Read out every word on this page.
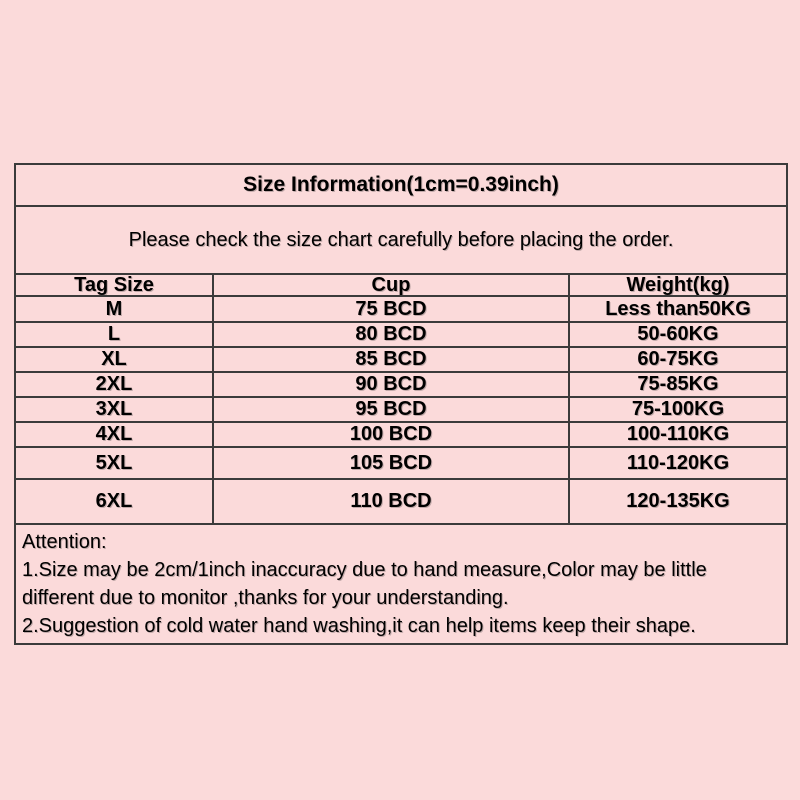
Size Information(1cm=0.39inch)		
Please check the size chart carefully before placing the order.		
Tag Size	Cup	Weight(kg)
M	75 BCD	Less than50KG
L	80 BCD	50-60KG
XL	85 BCD	60-75KG
2XL	90 BCD	75-85KG
3XL	95 BCD	75-100KG
4XL	100 BCD	100-110KG
5XL	105 BCD	110-120KG
6XL	110 BCD	120-135KG

Attention:
1.Size may be 2cm/1inch inaccuracy due to hand measure,Color may be little different due to monitor ,thanks for your understanding.
2.Suggestion of cold water hand washing,it can help items keep their shape.		
